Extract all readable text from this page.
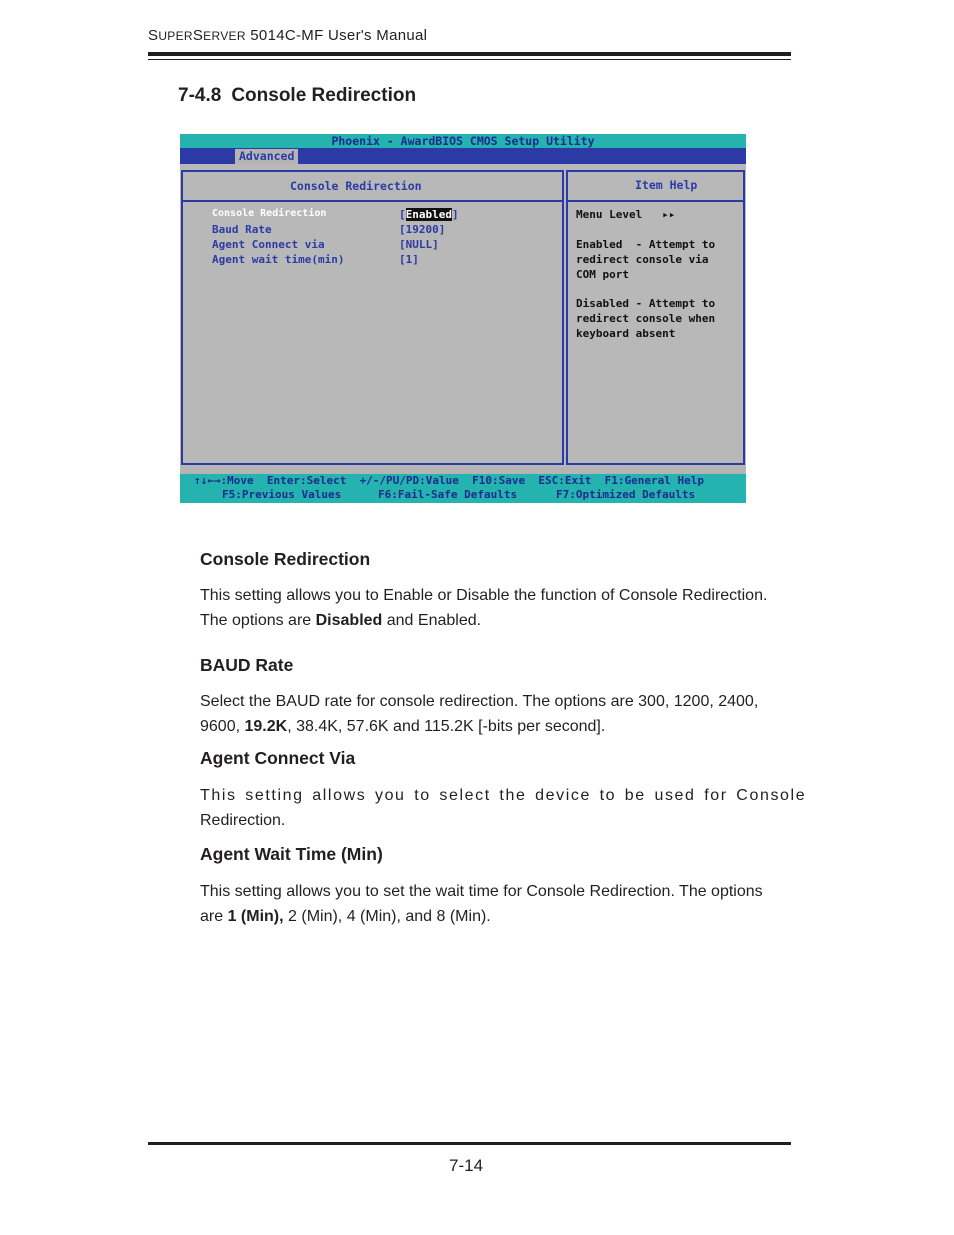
SUPERSERVER 5014C-MF User's Manual
7-4.8 Console Redirection
Phoenix - AwardBIOS CMOS Setup Utility
Advanced
Console Redirection	Item Help
Console Redirection	[Enabled]
Baud Rate	[19200]
Agent Connect via	[NULL]
Agent wait time(min)	[1]
Menu Level   ▸▸
Enabled  - Attempt to
redirect console via
COM port
Disabled - Attempt to
redirect console when
keyboard absent
↑↓←→:Move  Enter:Select  +/-/PU/PD:Value  F10:Save  ESC:Exit  F1:General Help
F5:Previous Values	F6:Fail-Safe Defaults	F7:Optimized Defaults
Console Redirection
This setting allows you to Enable or Disable the function of Console Redirection.
The options are Disabled and Enabled.
BAUD Rate
Select the BAUD rate for console redirection. The options are 300, 1200, 2400,
9600, 19.2K, 38.4K, 57.6K and 115.2K [-bits per second].
Agent Connect Via
This setting allows you to select the device to be used for Console
Redirection.
Agent Wait Time (Min)
This setting allows you to set the wait time for Console Redirection. The options
are 1 (Min), 2 (Min), 4 (Min), and 8 (Min).
7-14
